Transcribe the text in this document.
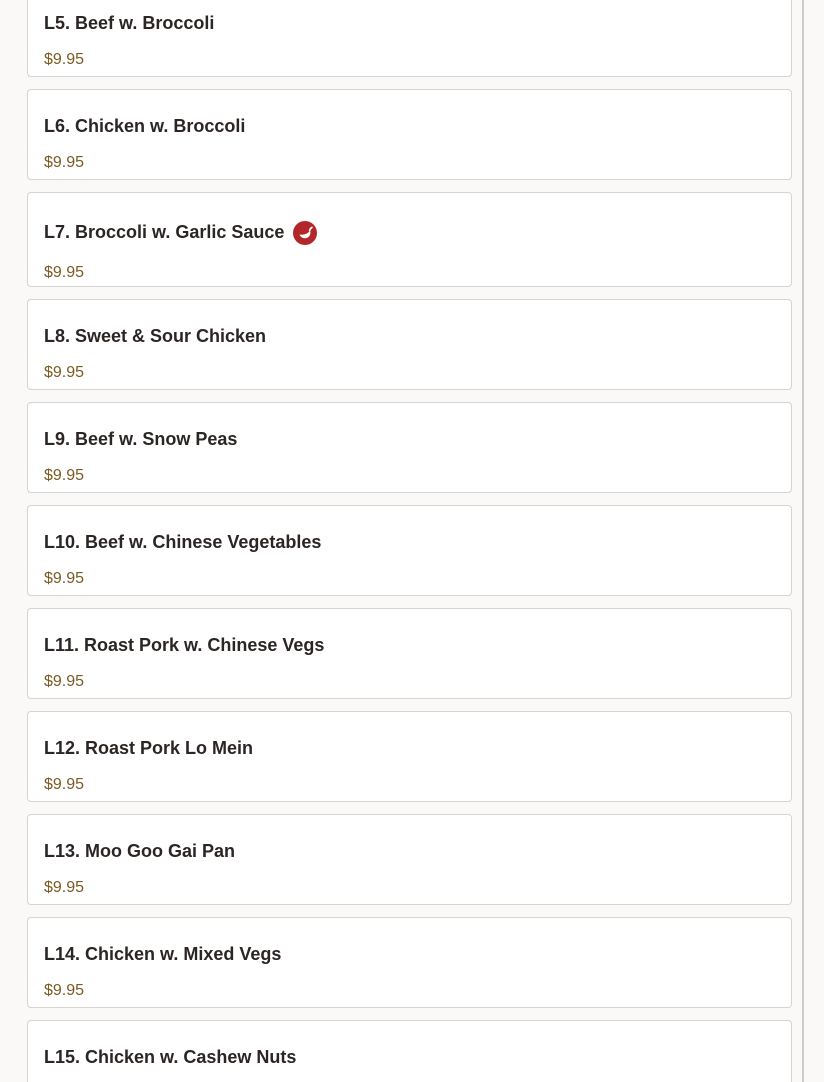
L5. Beef w. Broccoli
$9.95
L6. Chicken w. Broccoli
$9.95
L7. Broccoli w. Garlic Sauce
$9.95
L8. Sweet & Sour Chicken
$9.95
L9. Beef w. Snow Peas
$9.95
L10. Beef w. Chinese Vegetables
$9.95
L11. Roast Pork w. Chinese Vegs
$9.95
L12. Roast Pork Lo Mein
$9.95
L13. Moo Goo Gai Pan
$9.95
L14. Chicken w. Mixed Vegs
$9.95
L15. Chicken w. Cashew Nuts
